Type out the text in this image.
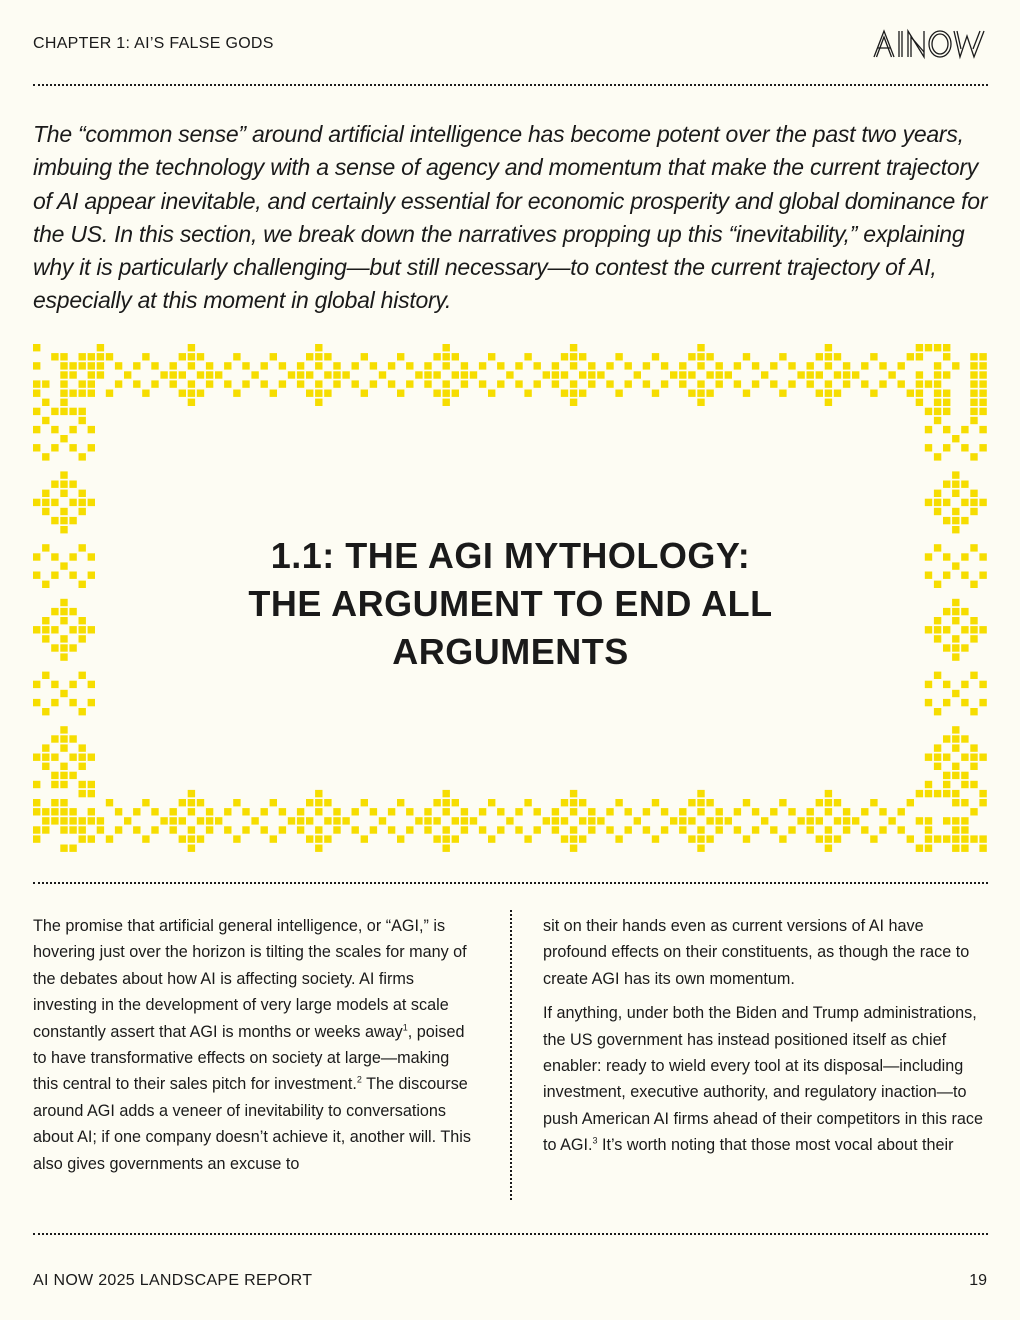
CHAPTER 1: AI’S FALSE GODS

The “common sense” around artificial intelligence has become potent over the past two years, imbuing the technology with a sense of agency and momentum that make the current trajectory of AI appear inevitable, and certainly essential for economic prosperity and global dominance for the US. In this section, we break down the narratives propping up this “inevitability,” explaining why it is particularly challenging—but still necessary—to contest the current trajectory of AI, especially at this moment in global history.

1.1: THE AGI MYTHOLOGY:
THE ARGUMENT TO END ALL
ARGUMENTS

The promise that artificial general intelligence, or “AGI,” is hovering just over the horizon is tilting the scales for many of the debates about how AI is affecting society. AI firms investing in the development of very large models at scale constantly assert that AGI is months or weeks away$^1$, poised to have transformative effects on society at large—making this central to their sales pitch for investment.$^2$ The discourse around AGI adds a veneer of inevitability to conversations about AI; if one company doesn’t achieve it, another will. This also gives governments an excuse to

sit on their hands even as current versions of AI have profound effects on their constituents, as though the race to create AGI has its own momentum.

If anything, under both the Biden and Trump administrations, the US government has instead positioned itself as chief enabler: ready to wield every tool at its disposal—including investment, executive authority, and regulatory inaction—to push American AI firms ahead of their competitors in this race to AGI.$^3$ It’s worth noting that those most vocal about their

AI NOW 2025 LANDSCAPE REPORT	19
